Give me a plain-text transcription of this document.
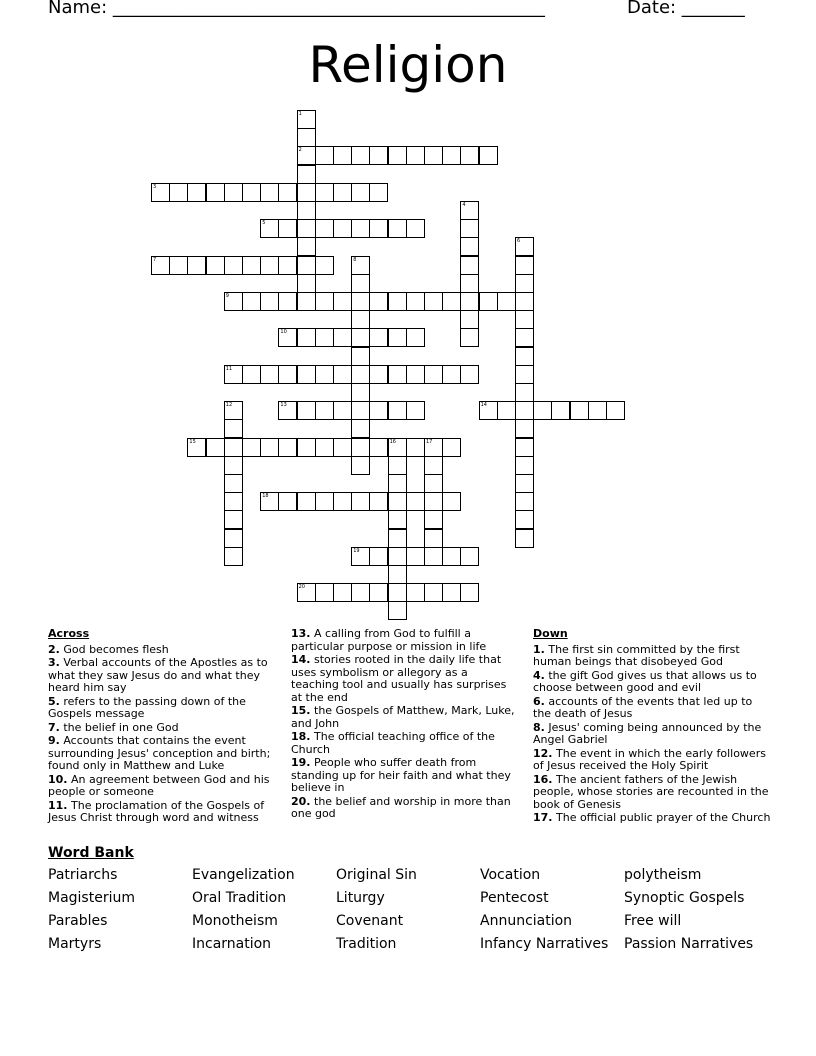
Name: ________________________________________________	Date: _______
Religion
1
2
3
4
5
6
7	8
9
10
11
12	13	14
15	16	17
18
19
20
Across
2. God becomes flesh
3. Verbal accounts of the Apostles as to what they saw Jesus do and what they heard him say
5. refers to the passing down of the Gospels message
7. the belief in one God
9. Accounts that contains the event surrounding Jesus' conception and birth; found only in Matthew and Luke
10. An agreement between God and his people or someone
11. The proclamation of the Gospels of Jesus Christ through word and witness
13. A calling from God to fulfill a particular purpose or mission in life
14. stories rooted in the daily life that uses symbolism or allegory as a teaching tool and usually has surprises at the end
15. the Gospels of Matthew, Mark, Luke, and John
18. The official teaching office of the Church
19. People who suffer death from standing up for heir faith and what they believe in
20. the belief and worship in more than one god
Down
1. The first sin committed by the first human beings that disobeyed God
4. the gift God gives us that allows us to choose between good and evil
6. accounts of the events that led up to the death of Jesus
8. Jesus' coming being announced by the Angel Gabriel
12. The event in which the early followers of Jesus received the Holy Spirit
16. The ancient fathers of the Jewish people, whose stories are recounted in the book of Genesis
17. The official public prayer of the Church
Word Bank
Patriarchs	Evangelization	Original Sin	Vocation	polytheism
Magisterium	Oral Tradition	Liturgy	Pentecost	Synoptic Gospels
Parables	Monotheism	Covenant	Annunciation	Free will
Martyrs	Incarnation	Tradition	Infancy Narratives	Passion Narratives
